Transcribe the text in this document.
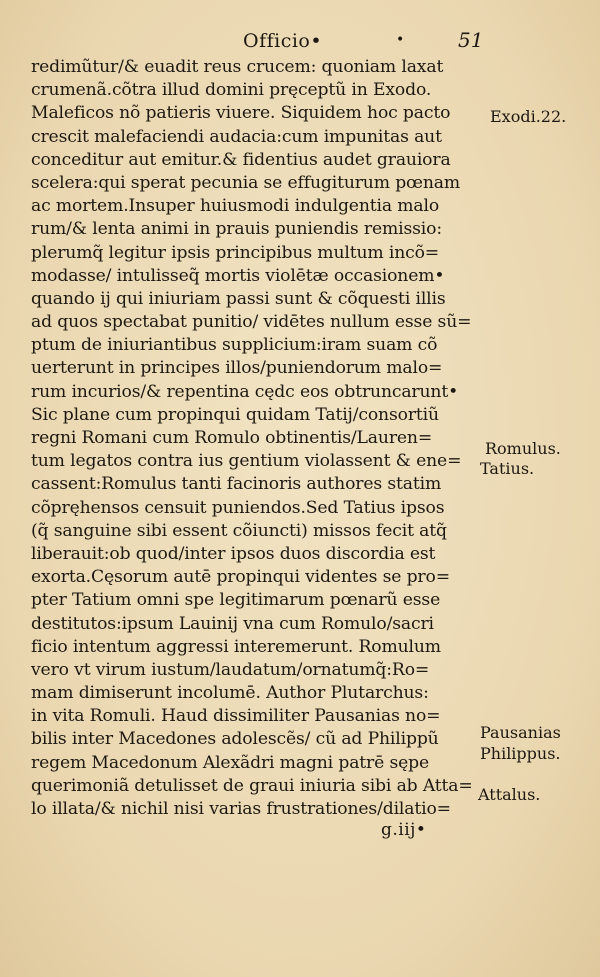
Officio•	•	51
redimũtur/& euadit reus crucem: quoniam laxat
crumenã.cõtra illud domini pręceptũ in Exodo.
Maleficos nõ patieris viuere. Siquidem hoc pacto
crescit malefaciendi audacia:cum impunitas aut
conceditur aut emitur.& fidentius audet grauiora
scelera:qui sperat pecunia se effugiturum pœnam
ac mortem.Insuper huiusmodi indulgentia malo
rum/& lenta animi in prauis puniendis remissio:
plerumq̃ legitur ipsis principibus multum incõ=
modasse/ intulisseq̃ mortis violētæ occasionem•
quando ij qui iniuriam passi sunt & cõquesti illis
ad quos spectabat punitio/ vidētes nullum esse sũ=
ptum de iniuriantibus supplicium:iram suam cõ
uerterunt in principes illos/puniendorum malo=
rum incurios/& repentina cędc eos obtruncarunt•
Sic plane cum propinqui quidam Tatij/consortiũ
regni Romani cum Romulo obtinentis/Lauren=
tum legatos contra ius gentium violassent & ene=
cassent:Romulus tanti facinoris authores statim
cõpręhensos censuit puniendos.Sed Tatius ipsos
(q̃ sanguine sibi essent cõiuncti) missos fecit atq̃
liberauit:ob quod/inter ipsos duos discordia est
exorta.Cęsorum autē propinqui videntes se pro=
pter Tatium omni spe legitimarum pœnarũ esse
destitutos:ipsum Lauinij vna cum Romulo/sacri
ficio intentum aggressi interemerunt. Romulum
vero vt virum iustum/laudatum/ornatumq̃:Ro=
mam dimiserunt incolumē. Author Plutarchus:
in vita Romuli. Haud dissimiliter Pausanias no=
bilis inter Macedones adolescẽs/ cũ ad Philippũ
regem Macedonum Alexãdri magni patrē sępe
querimoniã detulisset de graui iniuria sibi ab Atta=
lo illata/& nichil nisi varias frustrationes/dilatio=
Exodi.22.
Romulus.
Tatius.
Pausanias
Philippus.
Attalus.
g.iij•
